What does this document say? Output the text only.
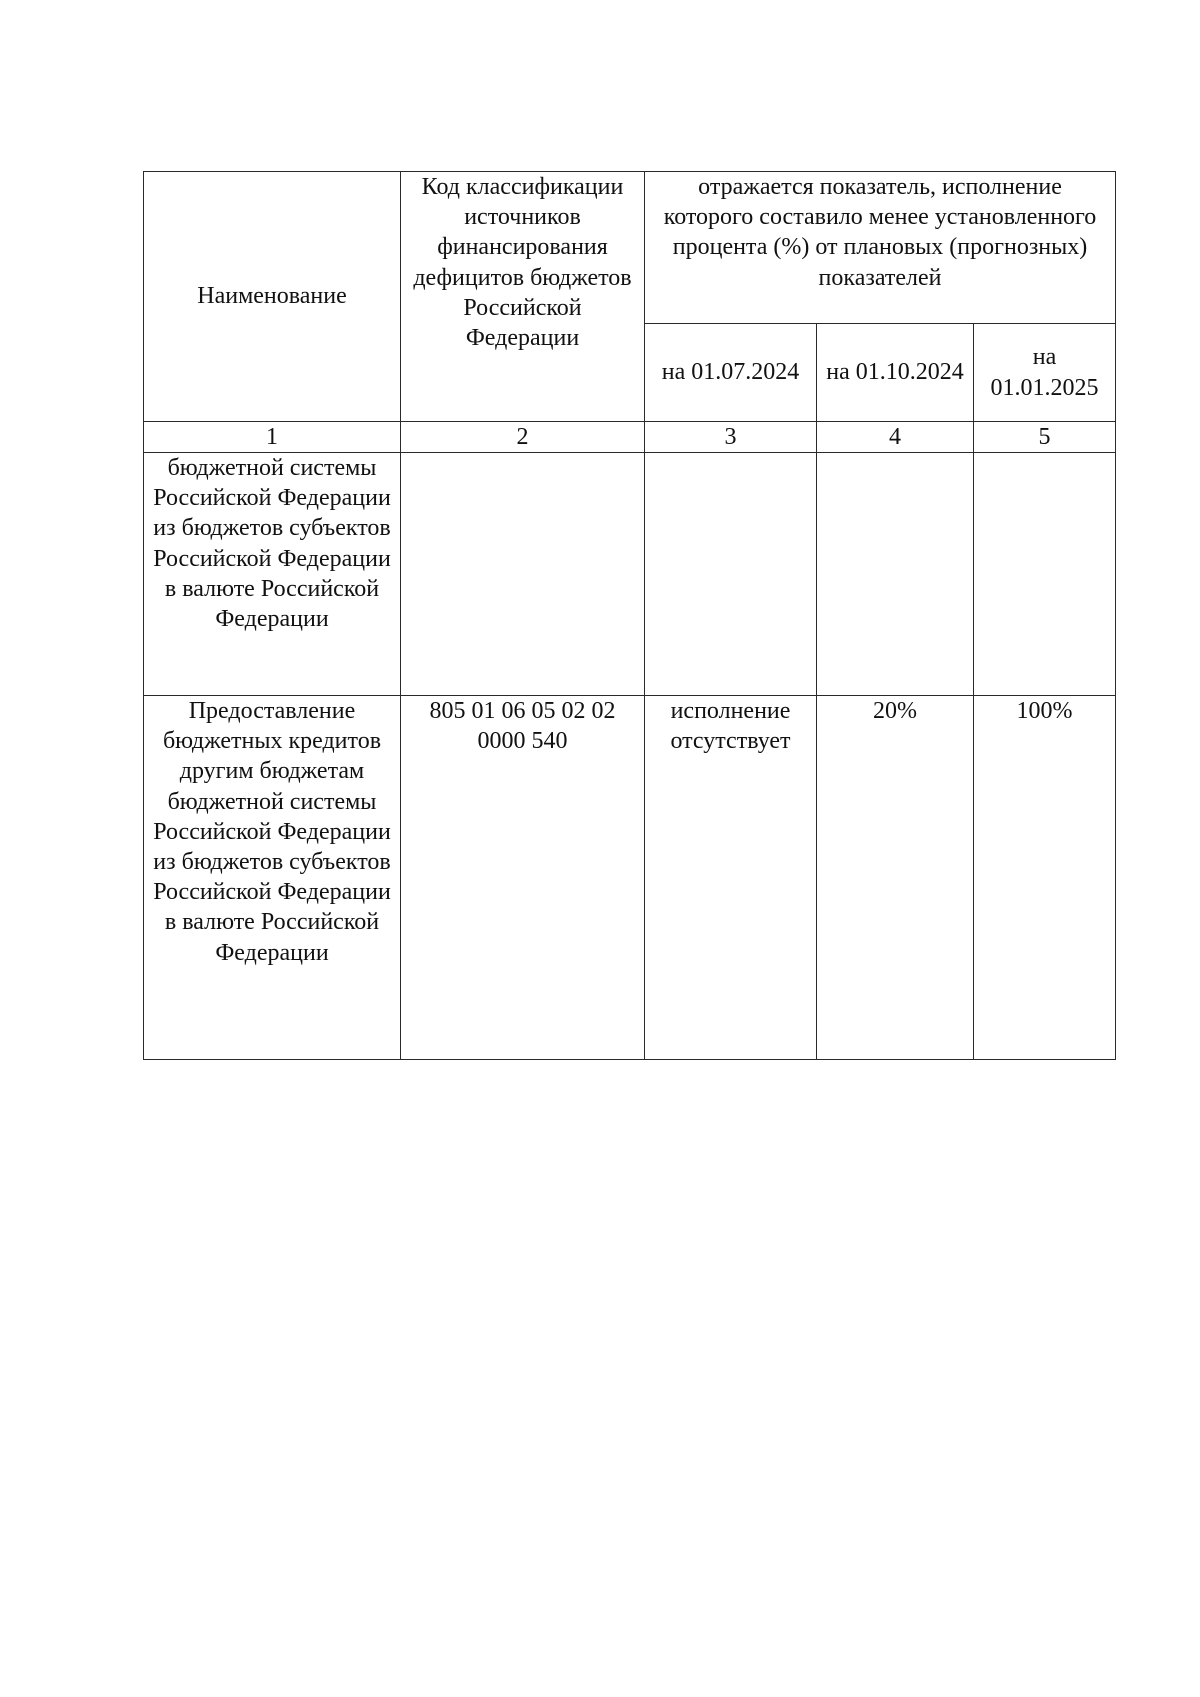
Наименование	Код классификации источников финансирования дефицитов бюджетов Российской Федерации	отражается показатель, исполнение которого составило менее установленного процента (%) от плановых (прогнозных) показателей		
		на 01.07.2024	на 01.10.2024	на 01.01.2025
1	2	3	4	5
бюджетной системы Российской Федерации из бюджетов субъектов Российской Федерации в валюте Российской Федерации				
Предоставление бюджетных кредитов другим бюджетам бюджетной системы Российской Федерации из бюджетов субъектов Российской Федерации в валюте Российской Федерации	805 01 06 05 02 02 0000 540	исполнение отсутствует	20%	100%
